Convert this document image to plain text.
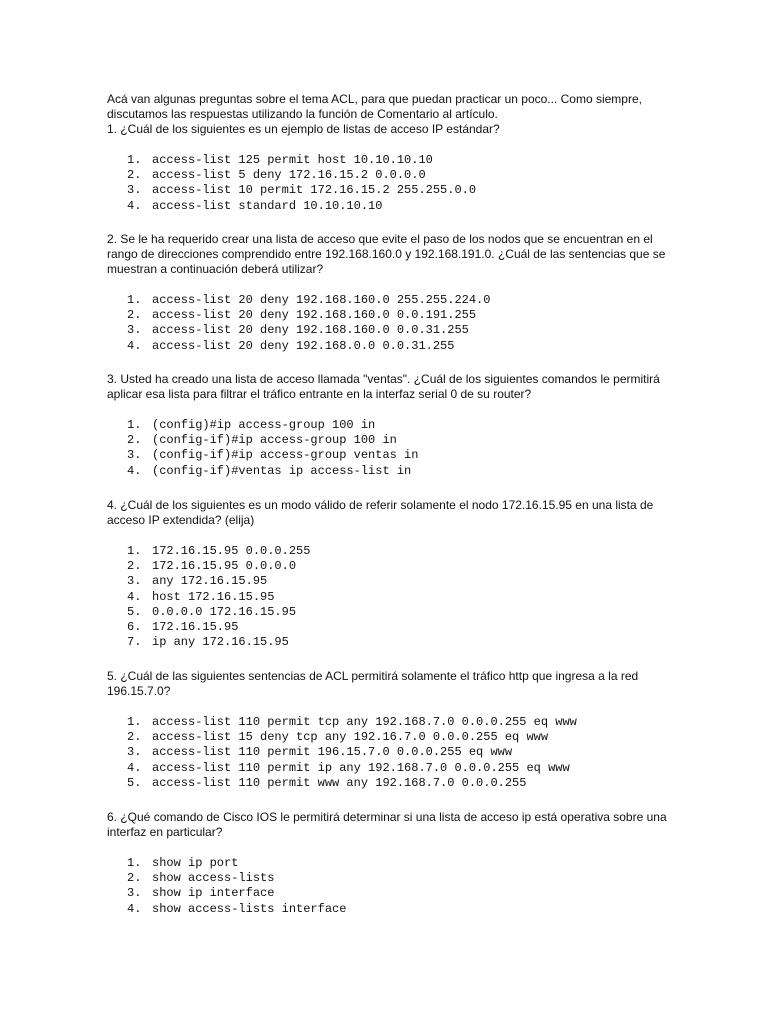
Acá van algunas preguntas sobre el tema ACL, para que puedan practicar un poco... Como siempre, discutamos las respuestas utilizando la función de Comentario al artículo.

1. ¿Cuál de los siguientes es un ejemplo de listas de acceso IP estándar?

1. access-list 125 permit host 10.10.10.10
2. access-list 5 deny 172.16.15.2 0.0.0.0
3. access-list 10 permit 172.16.15.2 255.255.0.0
4. access-list standard 10.10.10.10

2. Se le ha requerido crear una lista de acceso que evite el paso de los nodos que se encuentran en el rango de direcciones comprendido entre 192.168.160.0 y 192.168.191.0. ¿Cuál de las sentencias que se muestran a continuación deberá utilizar?

1. access-list 20 deny 192.168.160.0 255.255.224.0
2. access-list 20 deny 192.168.160.0 0.0.191.255
3. access-list 20 deny 192.168.160.0 0.0.31.255
4. access-list 20 deny 192.168.0.0 0.0.31.255

3. Usted ha creado una lista de acceso llamada "ventas". ¿Cuál de los siguientes comandos le permitirá aplicar esa lista para filtrar el tráfico entrante en la interfaz serial 0 de su router?

1. (config)#ip access-group 100 in
2. (config-if)#ip access-group 100 in
3. (config-if)#ip access-group ventas in
4. (config-if)#ventas ip access-list in

4. ¿Cuál de los siguientes es un modo válido de referir solamente el nodo 172.16.15.95 en una lista de acceso IP extendida? (elija)

1. 172.16.15.95 0.0.0.255
2. 172.16.15.95 0.0.0.0
3. any 172.16.15.95
4. host 172.16.15.95
5. 0.0.0.0 172.16.15.95
6. 172.16.15.95
7. ip any 172.16.15.95

5. ¿Cuál de las siguientes sentencias de ACL permitirá solamente el tráfico http que ingresa a la red 196.15.7.0?

1. access-list 110 permit tcp any 192.168.7.0 0.0.0.255 eq www
2. access-list 15 deny tcp any 192.16.7.0 0.0.0.255 eq www
3. access-list 110 permit 196.15.7.0 0.0.0.255 eq www
4. access-list 110 permit ip any 192.168.7.0 0.0.0.255 eq www
5. access-list 110 permit www any 192.168.7.0 0.0.0.255

6. ¿Qué comando de Cisco IOS le permitirá determinar si una lista de acceso ip está operativa sobre una interfaz en particular?

1. show ip port
2. show access-lists
3. show ip interface
4. show access-lists interface
